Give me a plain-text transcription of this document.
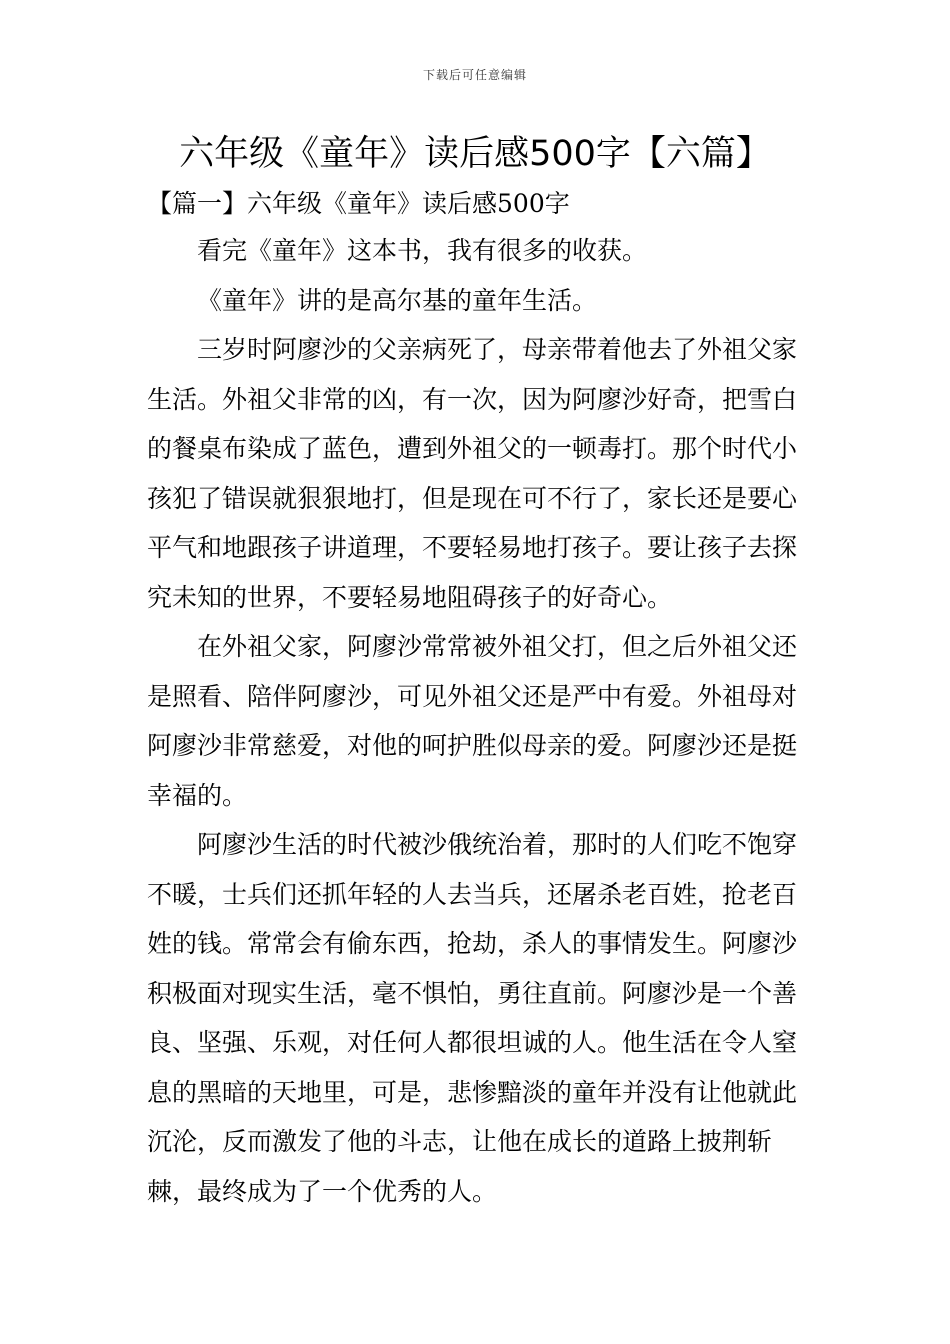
下载后可任意编辑
六年级《童年》读后感500字【六篇】
【篇一】六年级《童年》读后感500字

看完《童年》这本书，我有很多的收获。

《童年》讲的是高尔基的童年生活。

三岁时阿廖沙的父亲病死了，母亲带着他去了外祖父家生活。外祖父非常的凶，有一次，因为阿廖沙好奇，把雪白的餐桌布染成了蓝色，遭到外祖父的一顿毒打。那个时代小孩犯了错误就狠狠地打，但是现在可不行了，家长还是要心平气和地跟孩子讲道理，不要轻易地打孩子。要让孩子去探究未知的世界，不要轻易地阻碍孩子的好奇心。

在外祖父家，阿廖沙常常被外祖父打，但之后外祖父还是照看、陪伴阿廖沙，可见外祖父还是严中有爱。外祖母对阿廖沙非常慈爱，对他的呵护胜似母亲的爱。阿廖沙还是挺幸福的。

阿廖沙生活的时代被沙俄统治着，那时的人们吃不饱穿不暖，士兵们还抓年轻的人去当兵，还屠杀老百姓，抢老百姓的钱。常常会有偷东西，抢劫，杀人的事情发生。阿廖沙积极面对现实生活，毫不惧怕，勇往直前。阿廖沙是一个善良、坚强、乐观，对任何人都很坦诚的人。他生活在令人窒息的黑暗的天地里，可是，悲惨黯淡的童年并没有让他就此沉沦，反而激发了他的斗志，让他在成长的道路上披荆斩棘，最终成为了一个优秀的人。
